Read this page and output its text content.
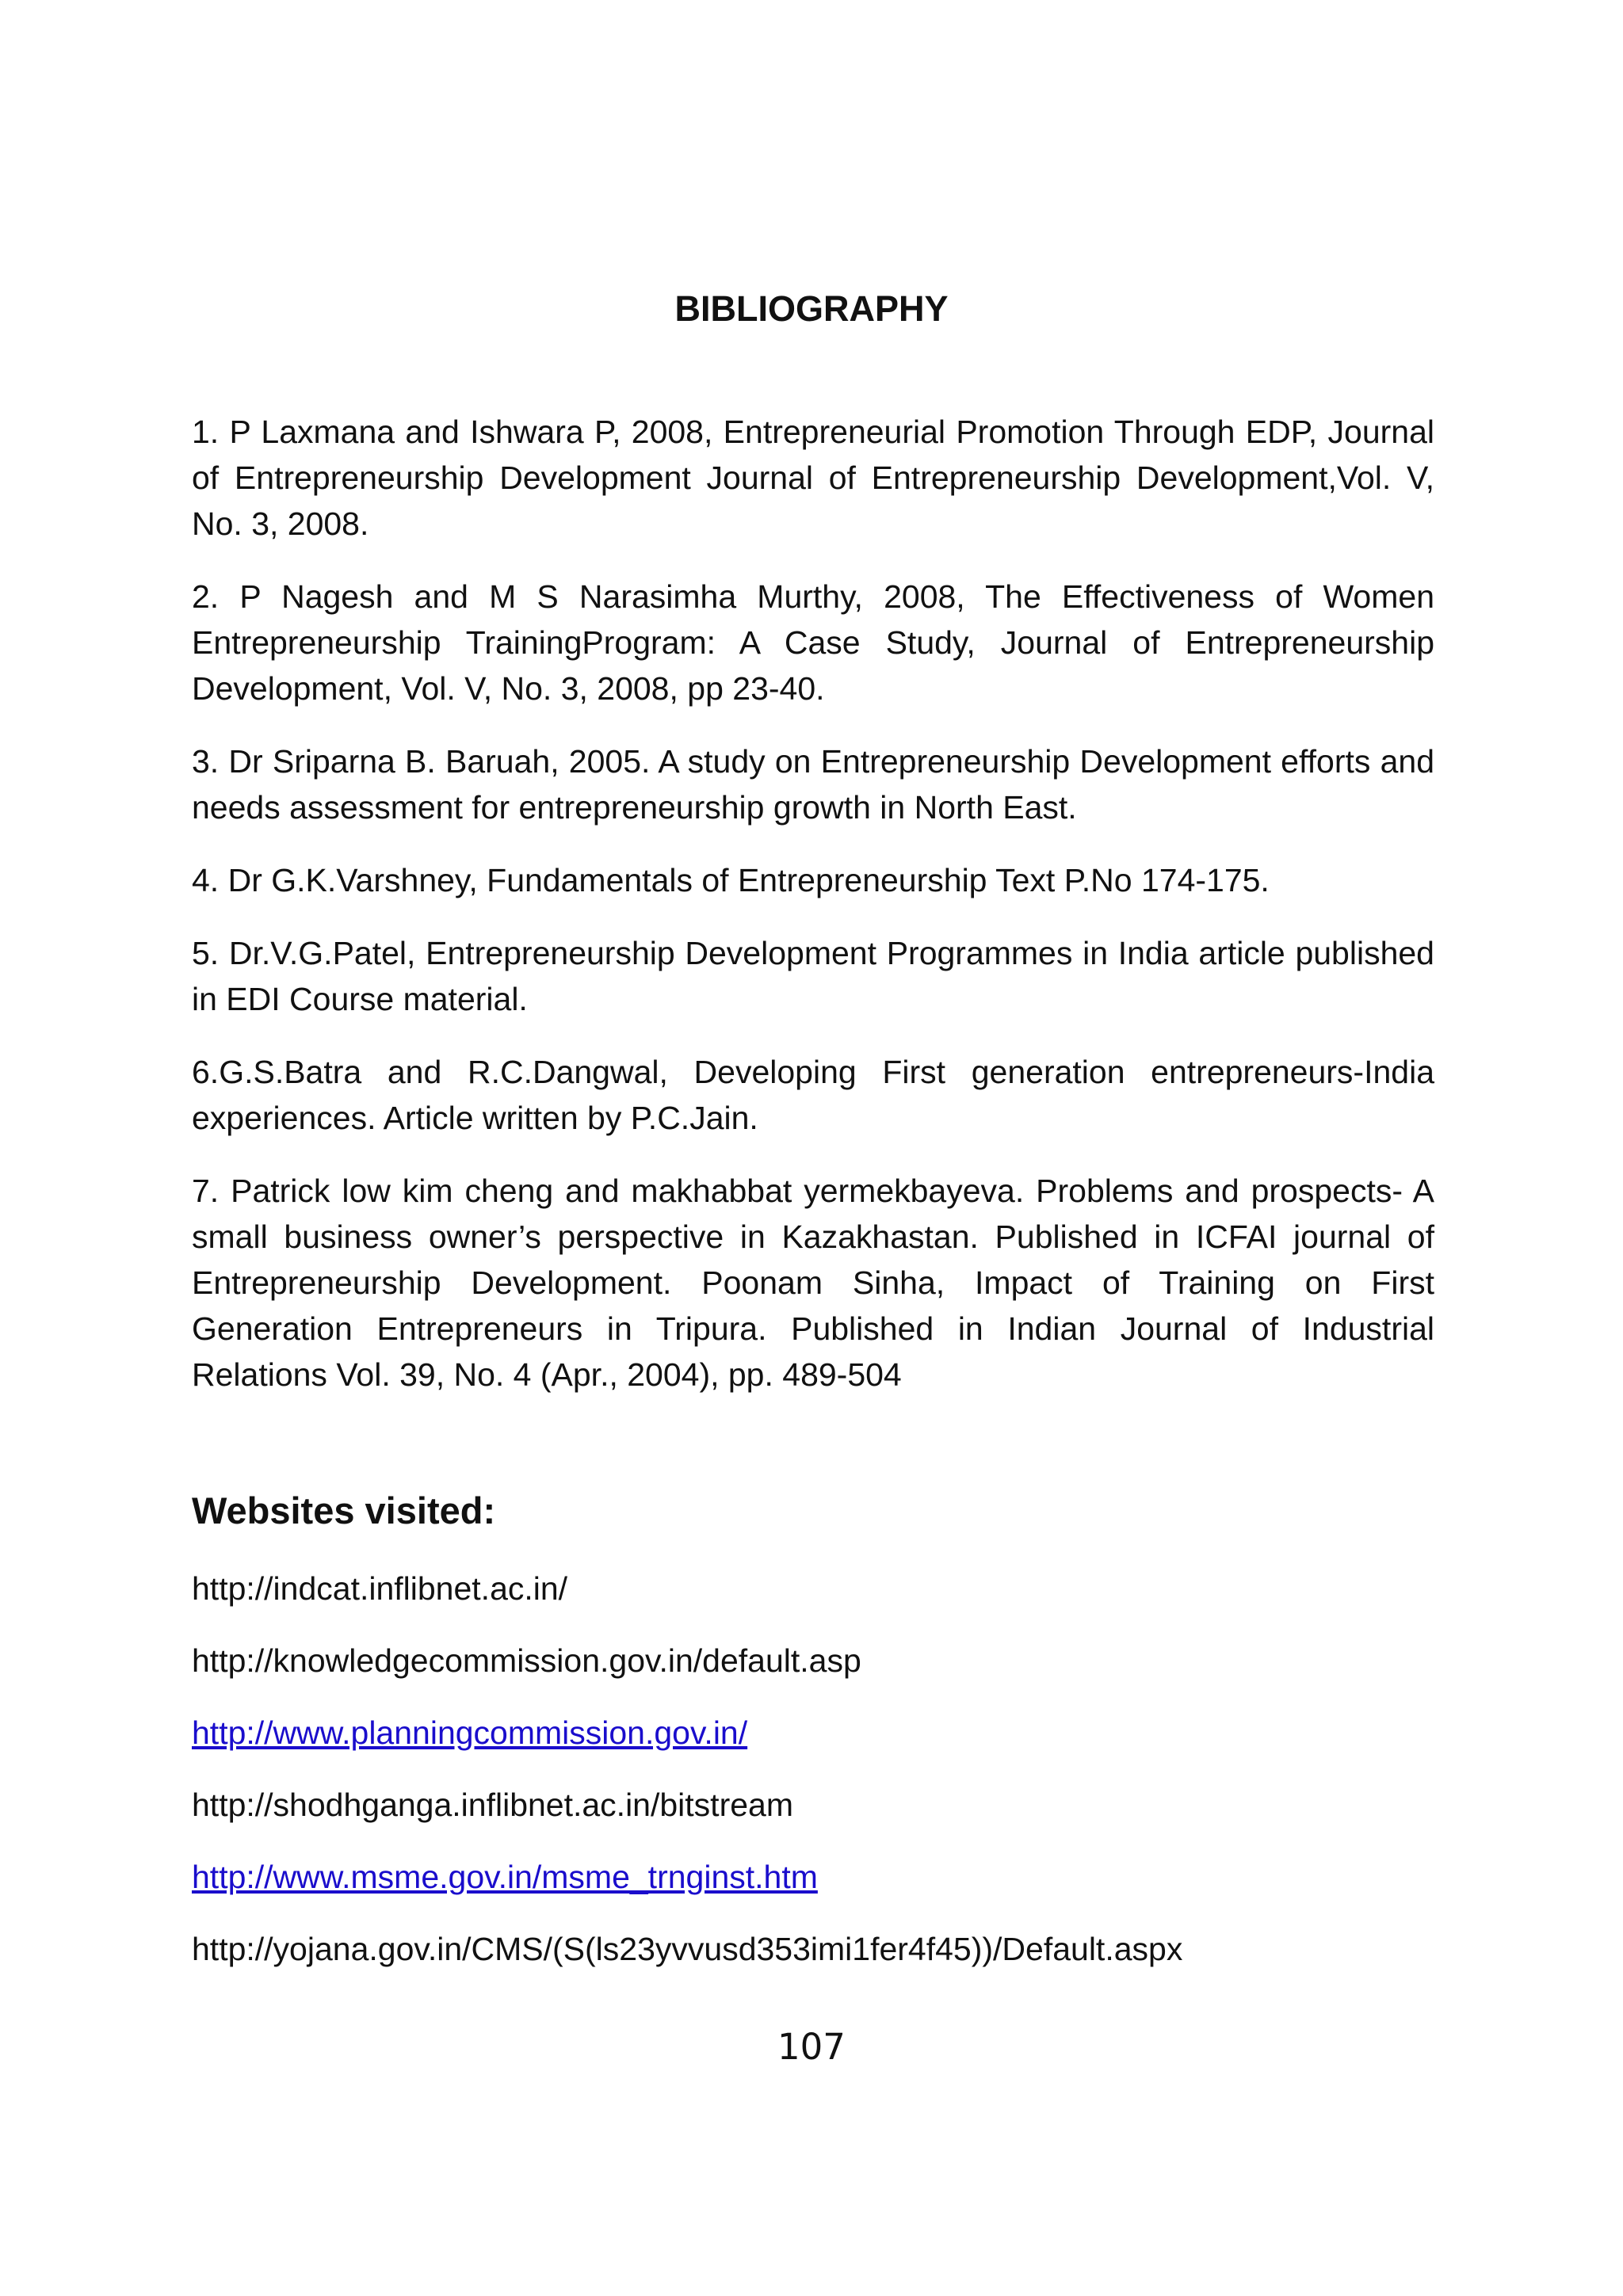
BIBLIOGRAPHY

1. P Laxmana and Ishwara P, 2008, Entrepreneurial Promotion Through EDP, Journal of Entrepreneurship Development Journal of Entrepreneurship Development,Vol. V, No. 3, 2008.

2. P Nagesh and M S Narasimha Murthy, 2008, The Effectiveness of Women Entrepreneurship TrainingProgram: A Case Study, Journal of Entrepreneurship Development, Vol. V, No. 3, 2008, pp 23-40.

3. Dr Sriparna B. Baruah, 2005. A study on Entrepreneurship Development efforts and needs assessment for entrepreneurship growth in North East.

4. Dr G.K.Varshney, Fundamentals of Entrepreneurship Text P.No 174-175.

5. Dr.V.G.Patel, Entrepreneurship Development Programmes in India article published in EDI Course material.

6.G.S.Batra and R.C.Dangwal, Developing First generation entrepreneurs-India experiences. Article written by P.C.Jain.

7. Patrick low kim cheng and makhabbat yermekbayeva. Problems and prospects- A small business owner’s perspective in Kazakhastan. Published in ICFAI journal of Entrepreneurship Development. Poonam Sinha, Impact of Training on First Generation Entrepreneurs in Tripura. Published in Indian Journal of Industrial Relations Vol. 39, No. 4 (Apr., 2004), pp. 489-504

Websites visited:
http://indcat.inflibnet.ac.in/
http://knowledgecommission.gov.in/default.asp
http://www.planningcommission.gov.in/
http://shodhganga.inflibnet.ac.in/bitstream
http://www.msme.gov.in/msme_trnginst.htm
http://yojana.gov.in/CMS/(S(ls23yvvusd353imi1fer4f45))/Default.aspx
107
